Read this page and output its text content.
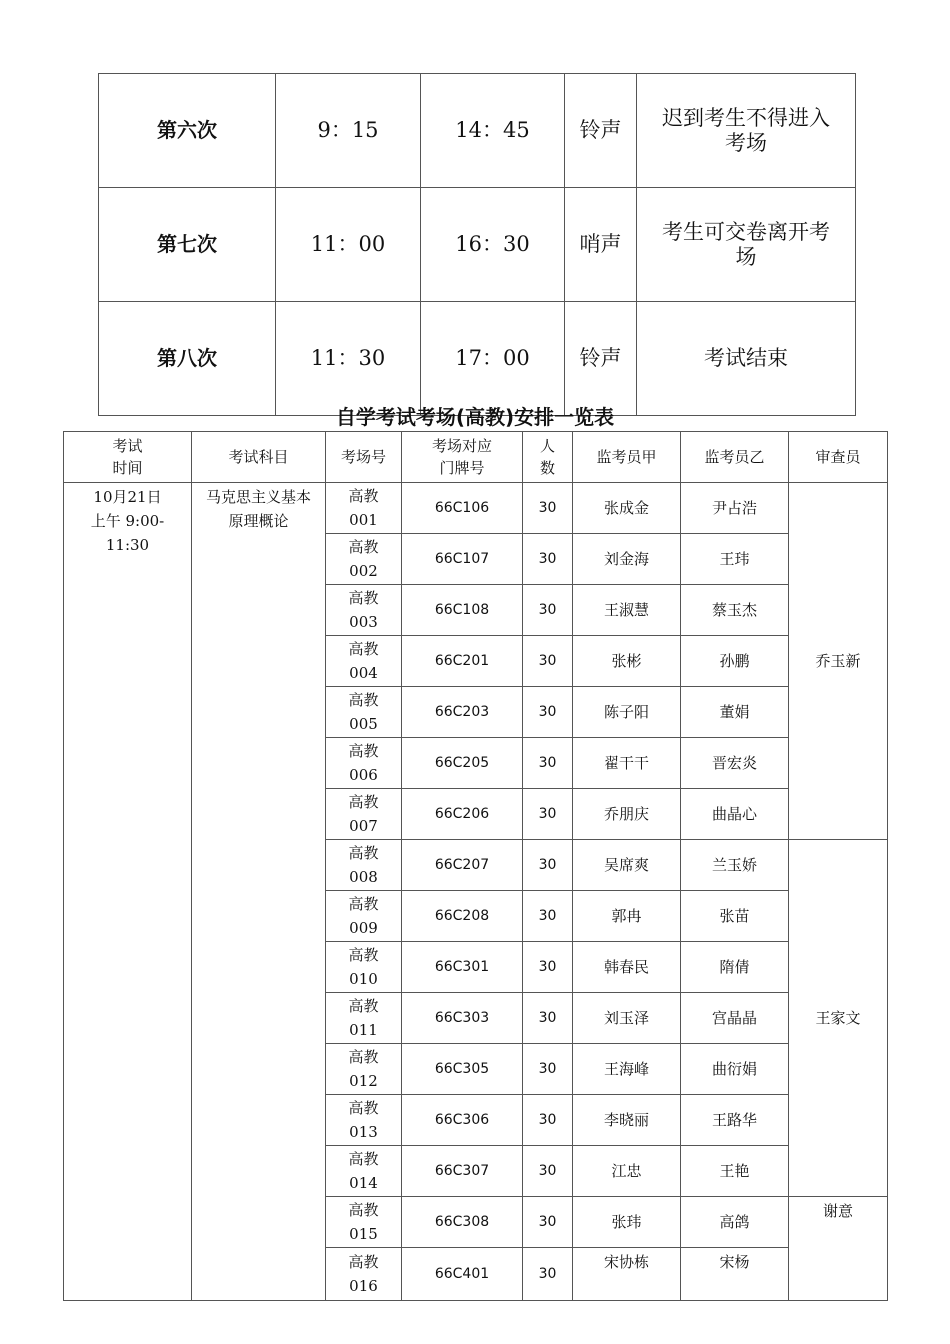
第六次	9：15	14：45	铃声	迟到考生不得进入考场

第七次	11：00	16：30	哨声	考生可交卷离开考场

第八次	11：30	17：00	铃声	考试结束
自学考试考场(高教)安排一览表
考试
时间	考试科目	考场号	考场对应
门牌号	人
数	监考员甲	监考员乙	审查员

10月21日
上午 9:00-
11:30	马克思主义基本
原理概论	高教
001	66C106	30	张成金	尹占浩	乔玉新

		高教
002	66C107	30	刘金海	王玮	

		高教
003	66C108	30	王淑慧	蔡玉杰	

		高教
004	66C201	30	张彬	孙鹏	

		高教
005	66C203	30	陈子阳	董娟	

		高教
006	66C205	30	翟干干	晋宏炎	

		高教
007	66C206	30	乔朋庆	曲晶心	

		高教
008	66C207	30	吴席爽	兰玉娇	王家文

		高教
009	66C208	30	郭冉	张苗	

		高教
010	66C301	30	韩春民	隋倩	

		高教
011	66C303	30	刘玉泽	宫晶晶	

		高教
012	66C305	30	王海峰	曲衍娟	

		高教
013	66C306	30	李晓丽	王路华	

		高教
014	66C307	30	江忠	王艳	

		高教
015	66C308	30	张玮	高鸽	谢意

		高教
016	66C401	30	宋协栋	宋杨	
